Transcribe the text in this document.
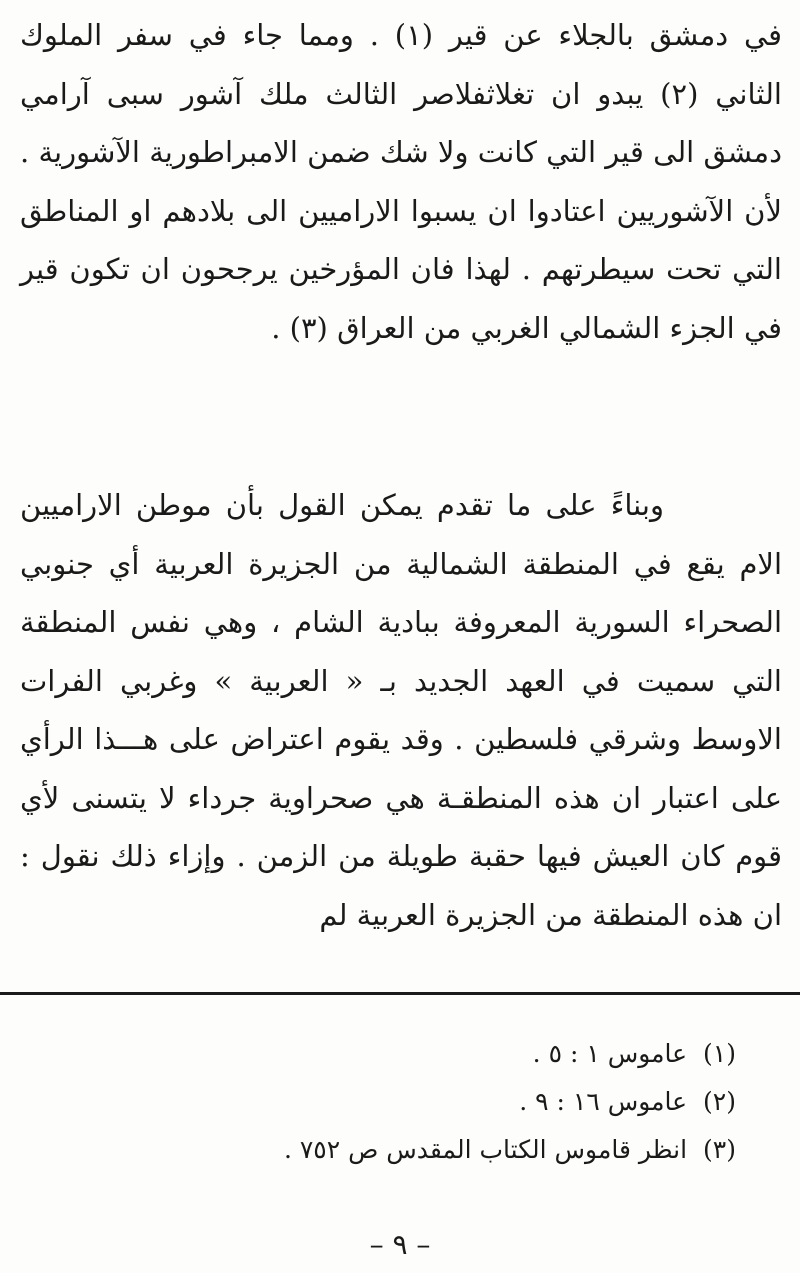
في دمشق بالجلاء عن قير (١) . ومما جاء في سفر الملوك الثاني (٢) يبدو ان تغلاثفلاصر الثالث ملك آشور سبى آرامي دمشق الى قير التي كانت ولا شك ضمن الامبراطورية الآشورية . لأن الآشوريين اعتادوا ان يسبوا الاراميين الى بلادهم او المناطق التي تحت سيطرتهم . لهذا فان المؤرخين يرجحون ان تكون قير في الجزء الشمالي الغربي من العراق (٣) .

وبناءً على ما تقدم يمكن القول بأن موطن الاراميين الام يقع في المنطقة الشمالية من الجزيرة العربية أي جنوبي الصحراء السورية المعروفة ببادية الشام ، وهي نفس المنطقة التي سميت في العهد الجديد بـ « العربية » وغربي الفرات الاوسط وشرقي فلسطين . وقد يقوم اعتراض على هـــذا الرأي على اعتبار ان هذه المنطقـة هي صحراوية جرداء لا يتسنى لأي قوم كان العيش فيها حقبة طويلة من الزمن . وإزاء ذلك نقول : ان هذه المنطقة من الجزيرة العربية لم

(١) عاموس ١ : ٥ .
(٢) عاموس ١٦ : ٩ .
(٣) انظر قاموس الكتاب المقدس ص ٧٥٢ .
– ٩ –
